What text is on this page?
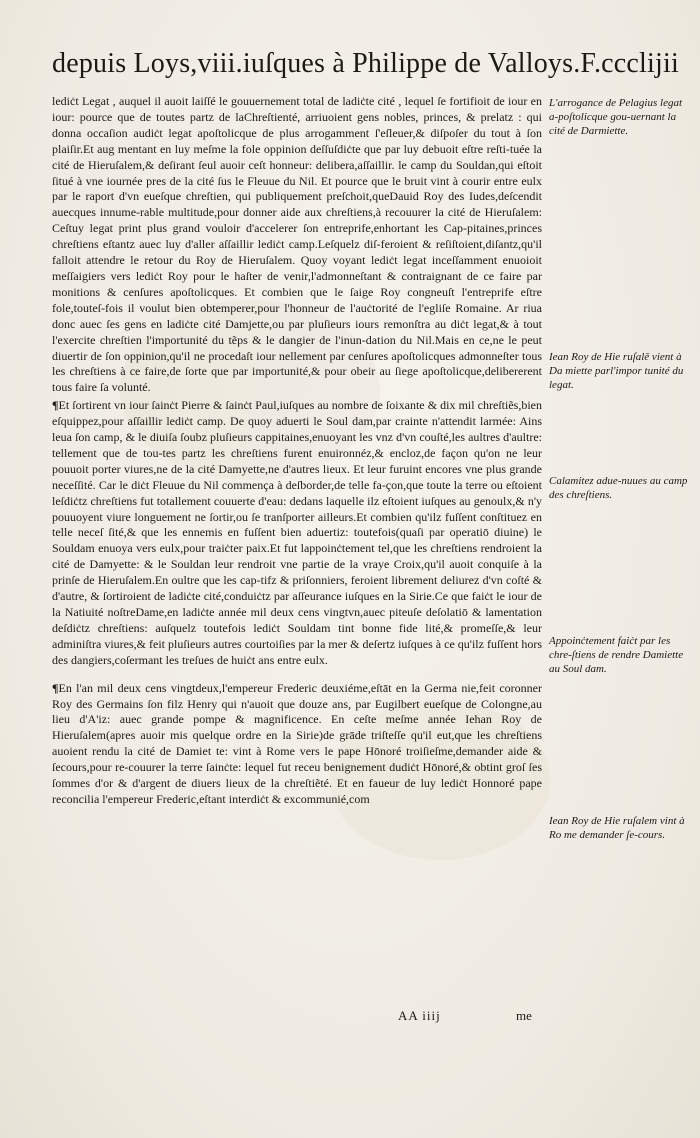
depuis Loys,viii.iuſques à Philippe de Valloys.F.ccclijii

lediċt Legat , auquel il auoit laiſſé le gouuernement total de ladiċte cité , lequel ſe fortifioit de iour en iour: pource que de toutes partz de laChreſtienté, arriuoient gens nobles, princes, & prelatz : qui donna occaſion audiċt legat apoſtolicque de plus arrogamment ſ'eſleuer,& diſpoſer du tout à ſon plaiſir.Et aug mentant en luy meſme la fole oppinion deſſuſdiċte que par luy debuoit eſtre reſti-tuée la cité de Hieruſalem,& deſirant ſeul auoir ceſt honneur: delibera,aſſaillir. le camp du Souldan,qui eſtoit ſitué à vne iournée pres de la cité ſus le Fleuue du Nil. Et pource que le bruit vint à courir entre eulx par le raport d'vn eueſque chreſtien, qui publiquement preſchoit,queDauid Roy des Iudes,deſcendit auecques innume-rable multitude,pour donner aide aux chreſtiens,à recouurer la cité de Hieruſalem: Ceſtuy legat print plus grand vouloir d'accelerer ſon entreprife,enhortant les Cap-pitaines,princes chreſtiens eſtantz auec luy d'aller aſſaillir lediċt camp.Leſquelz diſ-feroient & reſiſtoient,diſantz,qu'il falloit attendre le retour du Roy de Hieruſalem. Quoy voyant lediċt legat inceſſamment enuoioit meſſaigiers vers lediċt Roy pour le haſter de venir,l'admonneſtant & contraignant de ce faire par monitions & cenſures apoſtolicques. Et combien que le ſaige Roy congneuſt l'entreprife eſtre fole,touteſ-fois il voulut bien obtemperer,pour l'honneur de l'auċtorité de l'egliſe Romaine. Ar riua donc auec ſes gens en ladiċte cité Damjette,ou par pluſieurs iours remonſtra au diċt legat,& à tout l'exercite chreſtien l'importunité du tẽps & le dangier de l'inun-dation du Nil.Mais en ce,ne le peut diuertir de ſon oppinion,qu'il ne procedaſt iour nellement par cenſures apoſtolicques admonneſter tous les chreſtiens à ce faire,de ſorte que par importunité,& pour obeir au ſiege apoſtolicque,delibererent tous faire ſa volunté.

¶Et ſortirent vn iour ſainċt Pierre & ſainċt Paul,iuſques au nombre de ſoixante & dix mil chreſtiẽs,bien eſquippez,pour aſſaillir lediċt camp. De quoy aduerti le Soul dam,par crainte n'attendit larmée: Ains leua ſon camp, & le diuiſa ſoubz pluſieurs cappitaines,enuoyant les vnz d'vn couſté,les aultres d'aultre: tellement que de tou-tes partz les chreſtiens furent enuironnéz,& encloz,de façon qu'on ne leur pouuoit porter viures,ne de la cité Damyette,ne d'autres lieux. Et leur furuint encores vne plus grande neceſſité. Car le diċt Fleuue du Nil commença à deſborder,de telle fa-çon,que toute la terre ou eſtoient leſdiċtz chreſtiens fut totallement couuerte d'eau: dedans laquelle ilz eſtoient iuſques au genoulx,& n'y pouuoyent viure longuement ne ſortir,ou ſe tranſporter ailleurs.Et combien qu'ilz fuſſent conſtituez en telle neceſ ſité,& que les ennemis en fuſſent bien aduertiz: toutefois(quaſi par operatiō diuine) le Souldam enuoya vers eulx,pour traiċter paix.Et fut lappoinċtement tel,que les chreſtiens rendroient la cité de Damyette: & le Souldan leur rendroit vne partie de la vraye Croix,qu'il auoit conquiſe à la prinſe de Hieruſalem.En oultre que les cap-tifz & priſonniers, feroient librement deliurez d'vn coſté & d'autre, & ſortiroient de ladiċte cité,conduiċtz par aſſeurance iuſques en la Sirie.Ce que faiċt le iour de la Natiuité noſtreDame,en ladiċte année mil deux cens vingtvn,auec piteuſe deſolatiō & lamentation deſdiċtz chreſtiens: auſquelz toutefois lediċt Souldam tint bonne fide lité,& promeſſe,& leur adminiſtra viures,& feit pluſieurs autres courtoiſies par la mer & deſertz iuſques à ce qu'ilz fuſſent hors des dangiers,coſermant les treſues de huiċt ans entre eulx.

¶En l'an mil deux cens vingtdeux,l'empereur Frederic deuxiéme,eſtāt en la Germa nie,feit coronner Roy des Germains ſon filz Henry qui n'auoit que douze ans, par Eugilbert eueſque de Colongne,au lieu d'A'iz: auec grande pompe & magnificence. En ceſte meſme année Iehan Roy de Hieruſalem(apres auoir mis quelque ordre en la Sirie)de grāde triſteſſe qu'il eut,que les chreſtiens auoient rendu la cité de Damiet te: vint à Rome vers le pape Hōnoré troiſieſme,demander aide & ſecours,pour re-couurer la terre ſainċte: lequel fut receu benignement dudiċt Hōnoré,& obtint groſ ſes ſommes d'or & d'argent de diuers lieux de la chreſtiẽté. Et en faueur de luy lediċt Honnoré pape reconcilia l'empereur Frederic,eſtant interdiċt & excommunié,com

L'arrogance de Pelagius legat a-poſtolicque gou-uernant la cité de Darmiette.
Iean Roy de Hie ruſalē vient à Da miette parl'impor tunité du legat.
Calamitez adue-nuues au camp des chreſtiens.
Appoinċtement faiċt par les chre-ſtiens de rendre Damiette au Soul dam.
Iean Roy de Hie ruſalem vint à Ro me demander ſe-cours.
AA iiij	me
